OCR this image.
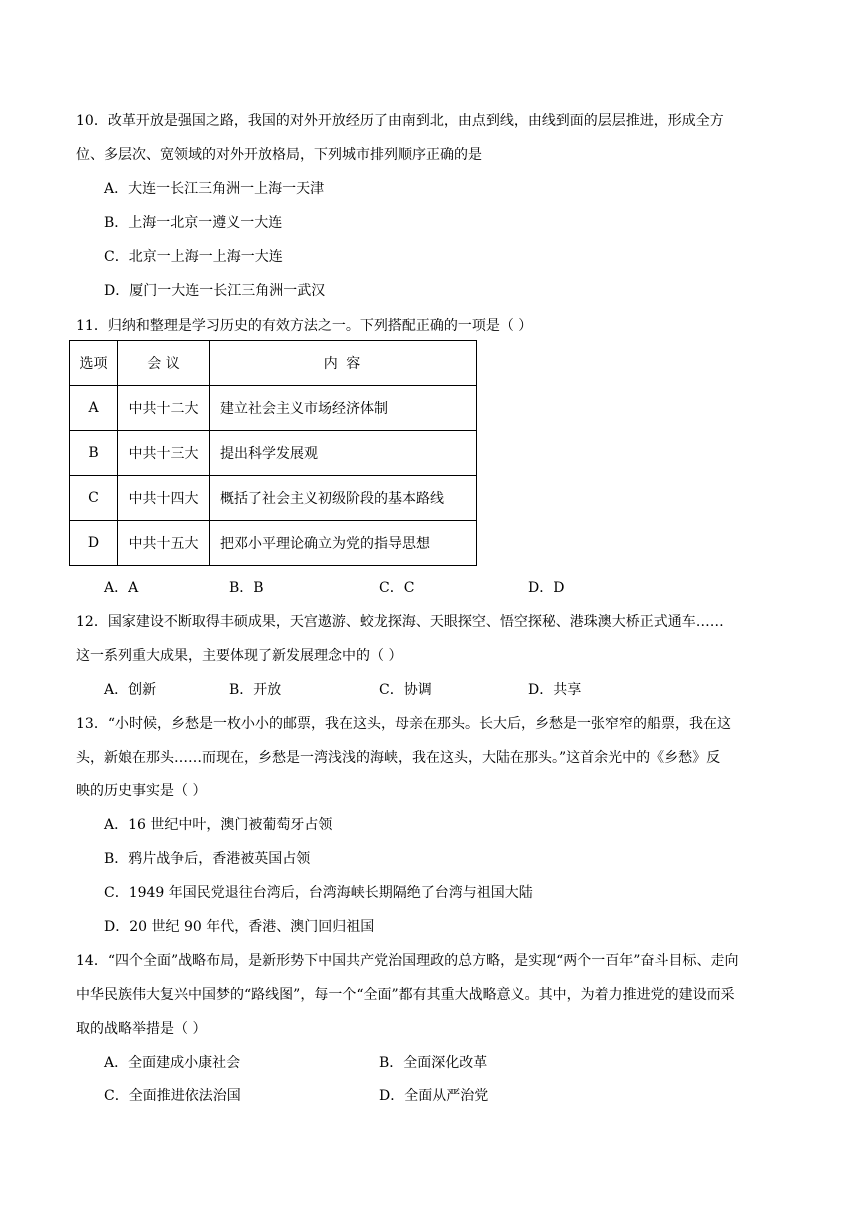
10．改革开放是强国之路，我国的对外开放经历了由南到北，由点到线，由线到面的层层推进，形成全方
位、多层次、宽领域的对外开放格局，下列城市排列顺序正确的是
A．大连一长江三角洲一上海一天津
B．上海一北京一遵义一大连
C．北京一上海一上海一大连
D．厦门一大连一长江三角洲一武汉
11．归纳和整理是学习历史的有效方法之一。下列搭配正确的一项是（ ）
选项	会 议	内 容
A	中共十二大	建立社会主义市场经济体制
B	中共十三大	提出科学发展观
C	中共十四大	概括了社会主义初级阶段的基本路线
D	中共十五大	把邓小平理论确立为党的指导思想
A．A	B．B	C．C	D．D
12．国家建设不断取得丰硕成果，天宫遨游、蛟龙探海、天眼探空、悟空探秘、港珠澳大桥正式通车……
这一系列重大成果，主要体现了新发展理念中的（ ）
A．创新	B．开放	C．协调	D．共享
13．“小时候，乡愁是一枚小小的邮票，我在这头，母亲在那头。长大后，乡愁是一张窄窄的船票，我在这
头，新娘在那头……而现在，乡愁是一湾浅浅的海峡，我在这头，大陆在那头。”这首余光中的《乡愁》反
映的历史事实是（ ）
A．16 世纪中叶，澳门被葡萄牙占领
B．鸦片战争后，香港被英国占领
C．1949 年国民党退往台湾后，台湾海峡长期隔绝了台湾与祖国大陆
D．20 世纪 90 年代，香港、澳门回归祖国
14．“四个全面”战略布局，是新形势下中国共产党治国理政的总方略，是实现“两个一百年”奋斗目标、走向
中华民族伟大复兴中国梦的“路线图”，每一个“全面”都有其重大战略意义。其中，为着力推进党的建设而采
取的战略举措是（ ）
A．全面建成小康社会	B．全面深化改革
C．全面推进依法治国	D．全面从严治党
